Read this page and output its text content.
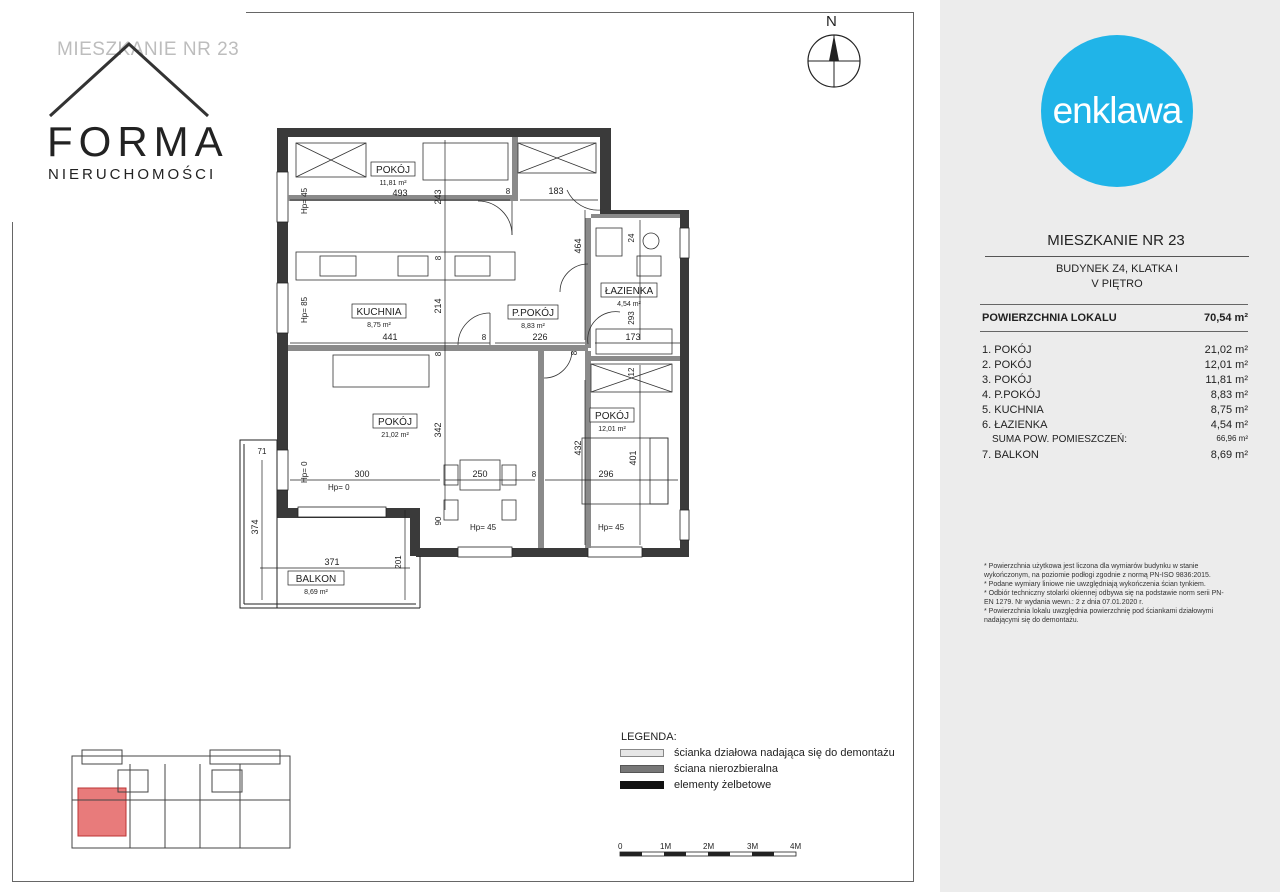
N
POKÓJ
11,81 m²
KUCHNIA
8,75 m²
P.POKÓJ
8,83 m²
ŁAZIENKA
4,54 m²
POKÓJ
21,02 m²
POKÓJ
12,01 m²
BALKON
8,69 m²
493	183
243	8
464
24
441
214
226	173
293
12
342
300	250	296
401
432
90
71
374
371	201
8
8
8
8
8
Hp= 45
Hp= 85
Hp= 0
Hp= 0
Hp= 45	Hp= 45
MIESZKANIE NR 23
FORMA
NIERUCHOMOŚCI
LEGENDA:
ścianka działowa nadająca się do demontażu
ściana nierozbieralna
elementy żelbetowe
0	1M	2M	3M	4M
enklawa
MIESZKANIE NR 23
BUDYNEK Z4, KLATKA I
V PIĘTRO
POWIERZCHNIA LOKALU	70,54 m²
1. POKÓJ	21,02 m²
2. POKÓJ	12,01 m²
3. POKÓJ	11,81 m²
4. P.POKÓJ	8,83 m²
5. KUCHNIA	8,75 m²
6. ŁAZIENKA	4,54 m²
SUMA POW. POMIESZCZEŃ:	66,96 m²
7. BALKON	8,69 m²
* Powierzchnia użytkowa jest liczona dla wymiarów budynku w stanie wykończonym, na poziomie podłogi zgodnie z normą PN-ISO 9836:2015.
* Podane wymiary liniowe nie uwzględniają wykończenia ścian tynkiem.
* Odbiór techniczny stolarki okiennej odbywa się na podstawie norm serii PN-EN 1279. Nr wydania wewn.: 2 z dnia 07.01.2020 r.
* Powierzchnia lokalu uwzględnia powierzchnię pod ściankami działowymi nadającymi się do demontażu.
